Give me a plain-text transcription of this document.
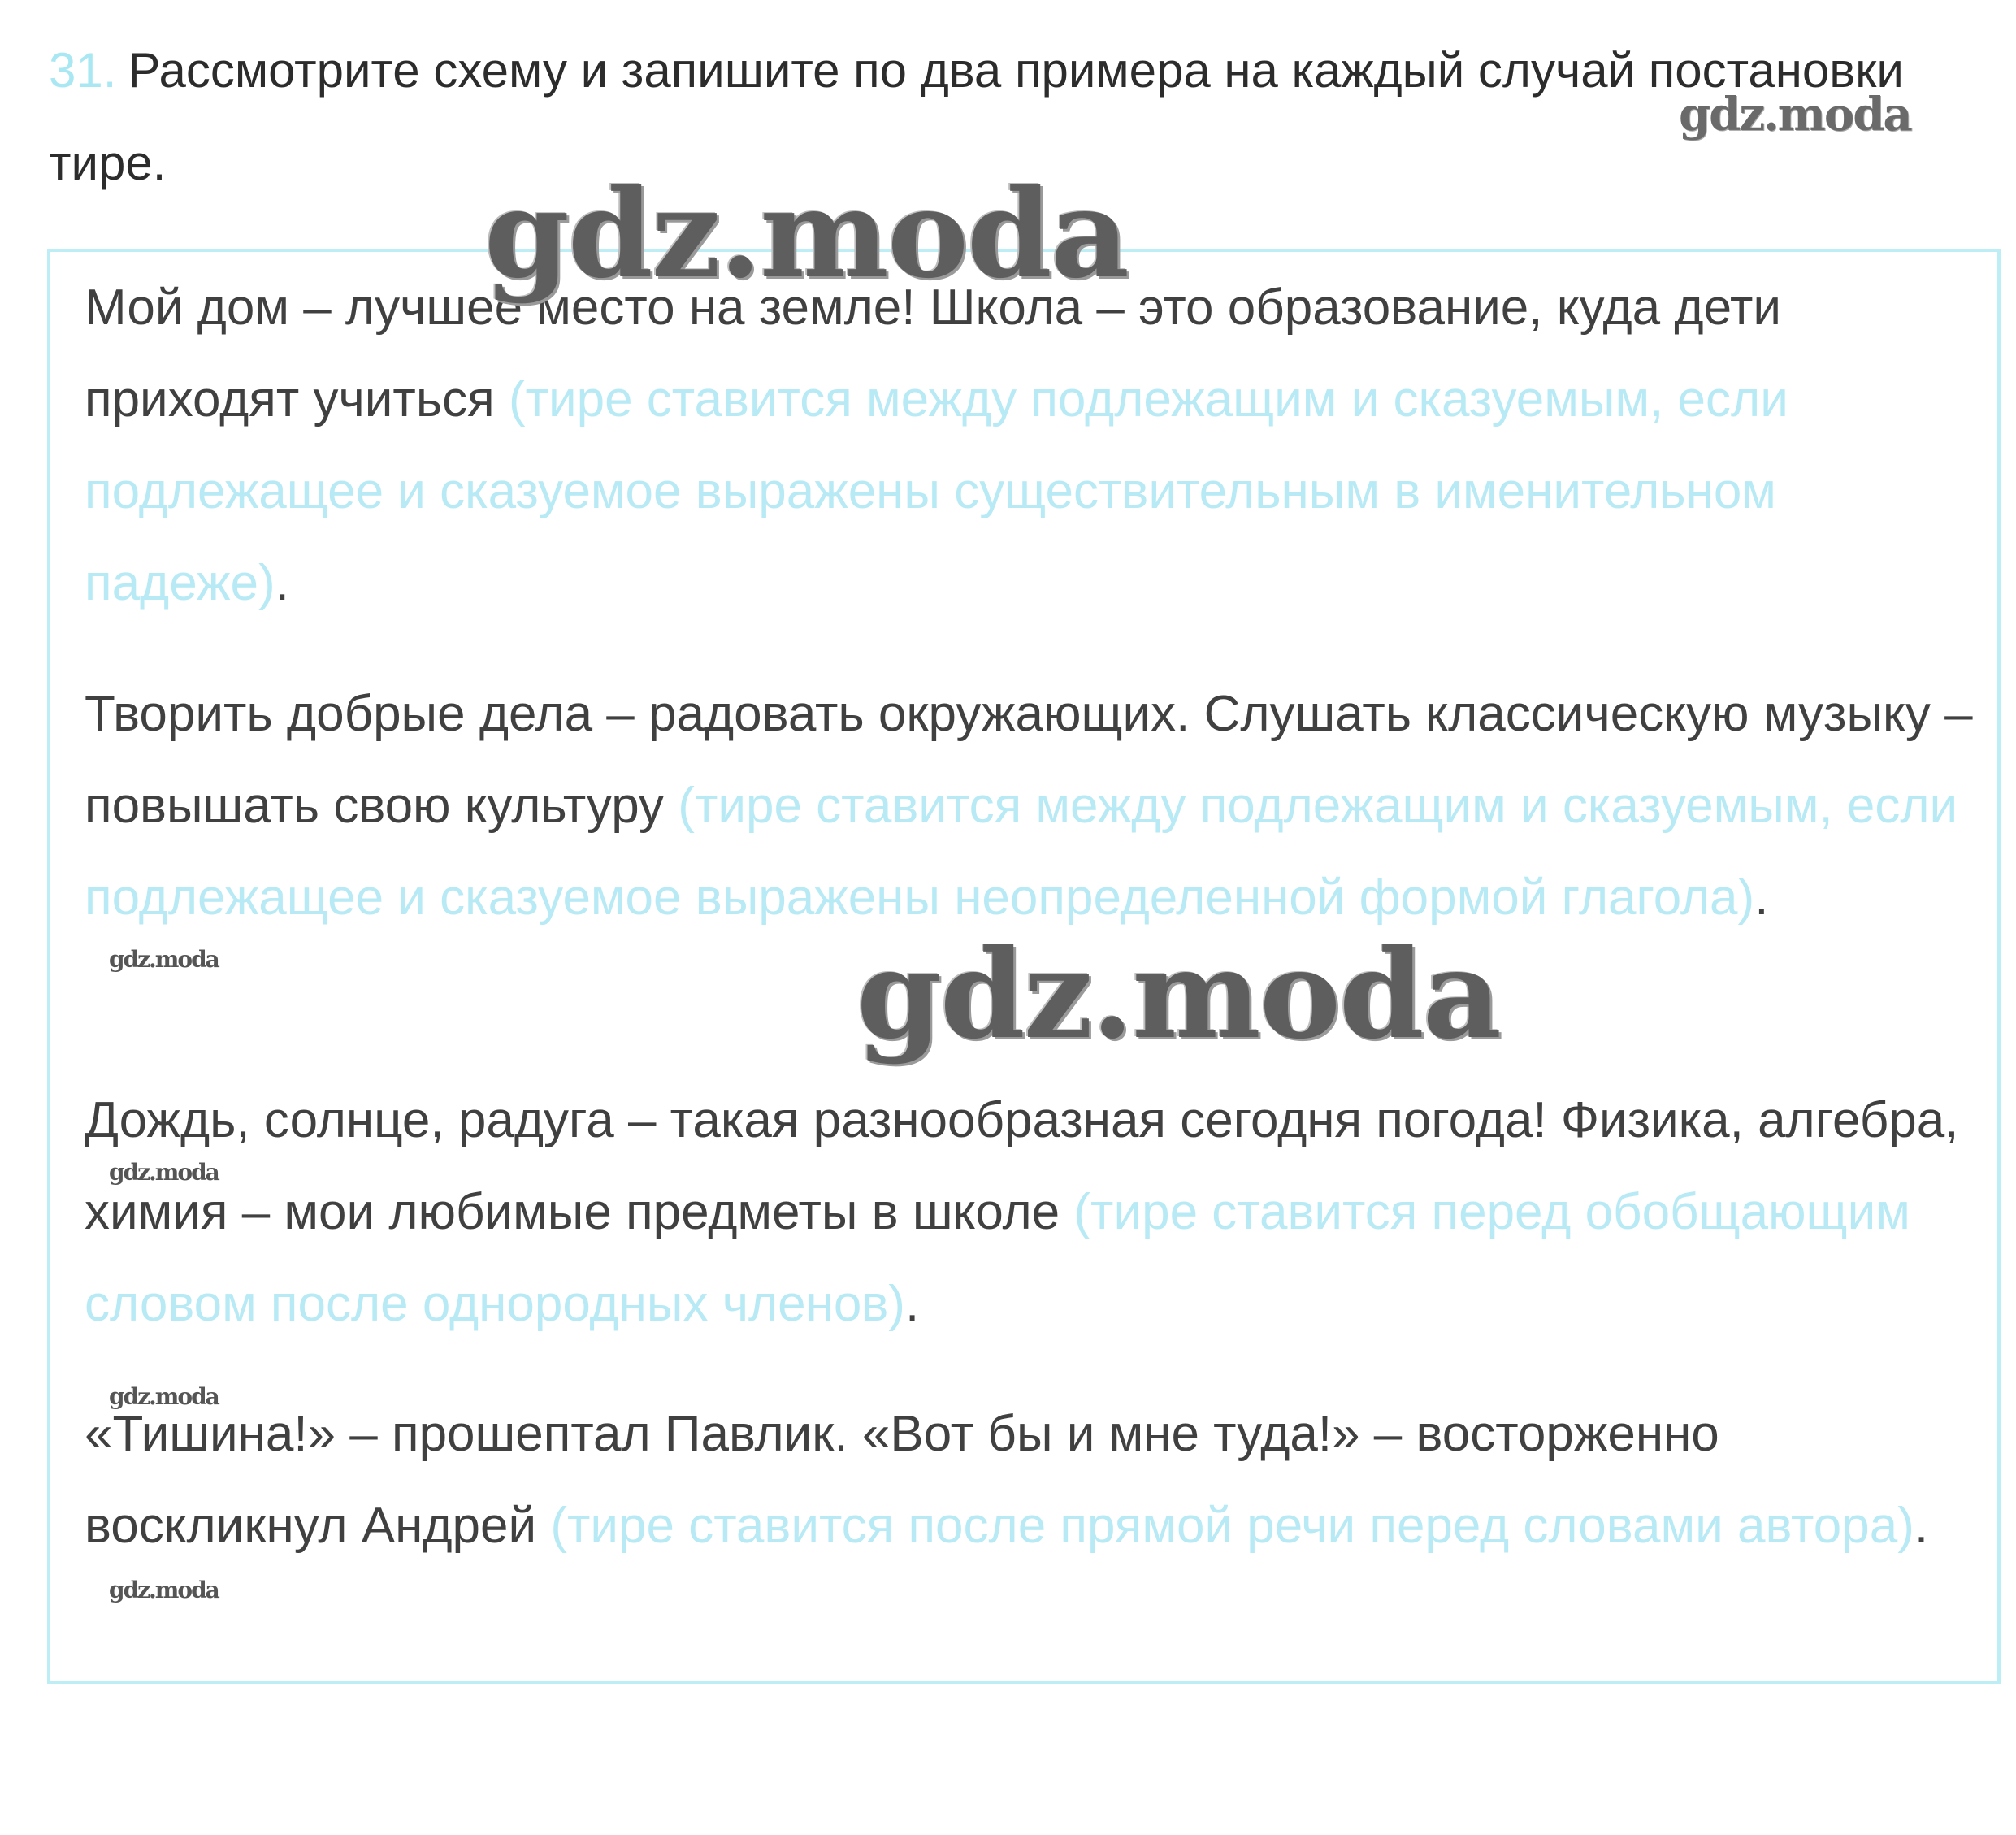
31. Рассмотрите схему и запишите по два примера на каждый случай постановки тире.

Мой дом – лучшее место на земле! Школа – это образование, куда дети приходят учиться (тире ставится между подлежащим и сказуемым, если подлежащее и сказуемое выражены существительным в именительном падеже).

Творить добрые дела – радовать окружающих. Слушать классическую музыку – повышать свою культуру (тире ставится между подлежащим и сказуемым, если подлежащее и сказуемое выражены неопределенной формой глагола).

Дождь, солнце, радуга – такая разнообразная сегодня погода! Физика, алгебра, химия – мои любимые предметы в школе (тире ставится перед обобщающим словом после однородных членов).

«Тишина!» – прошептал Павлик. «Вот бы и мне туда!» – восторженно воскликнул Андрей (тире ставится после прямой речи перед словами автора).

gdz.moda
gdz.moda
gdz.moda
gdz.moda
gdz.moda
gdz.moda
gdz.moda
